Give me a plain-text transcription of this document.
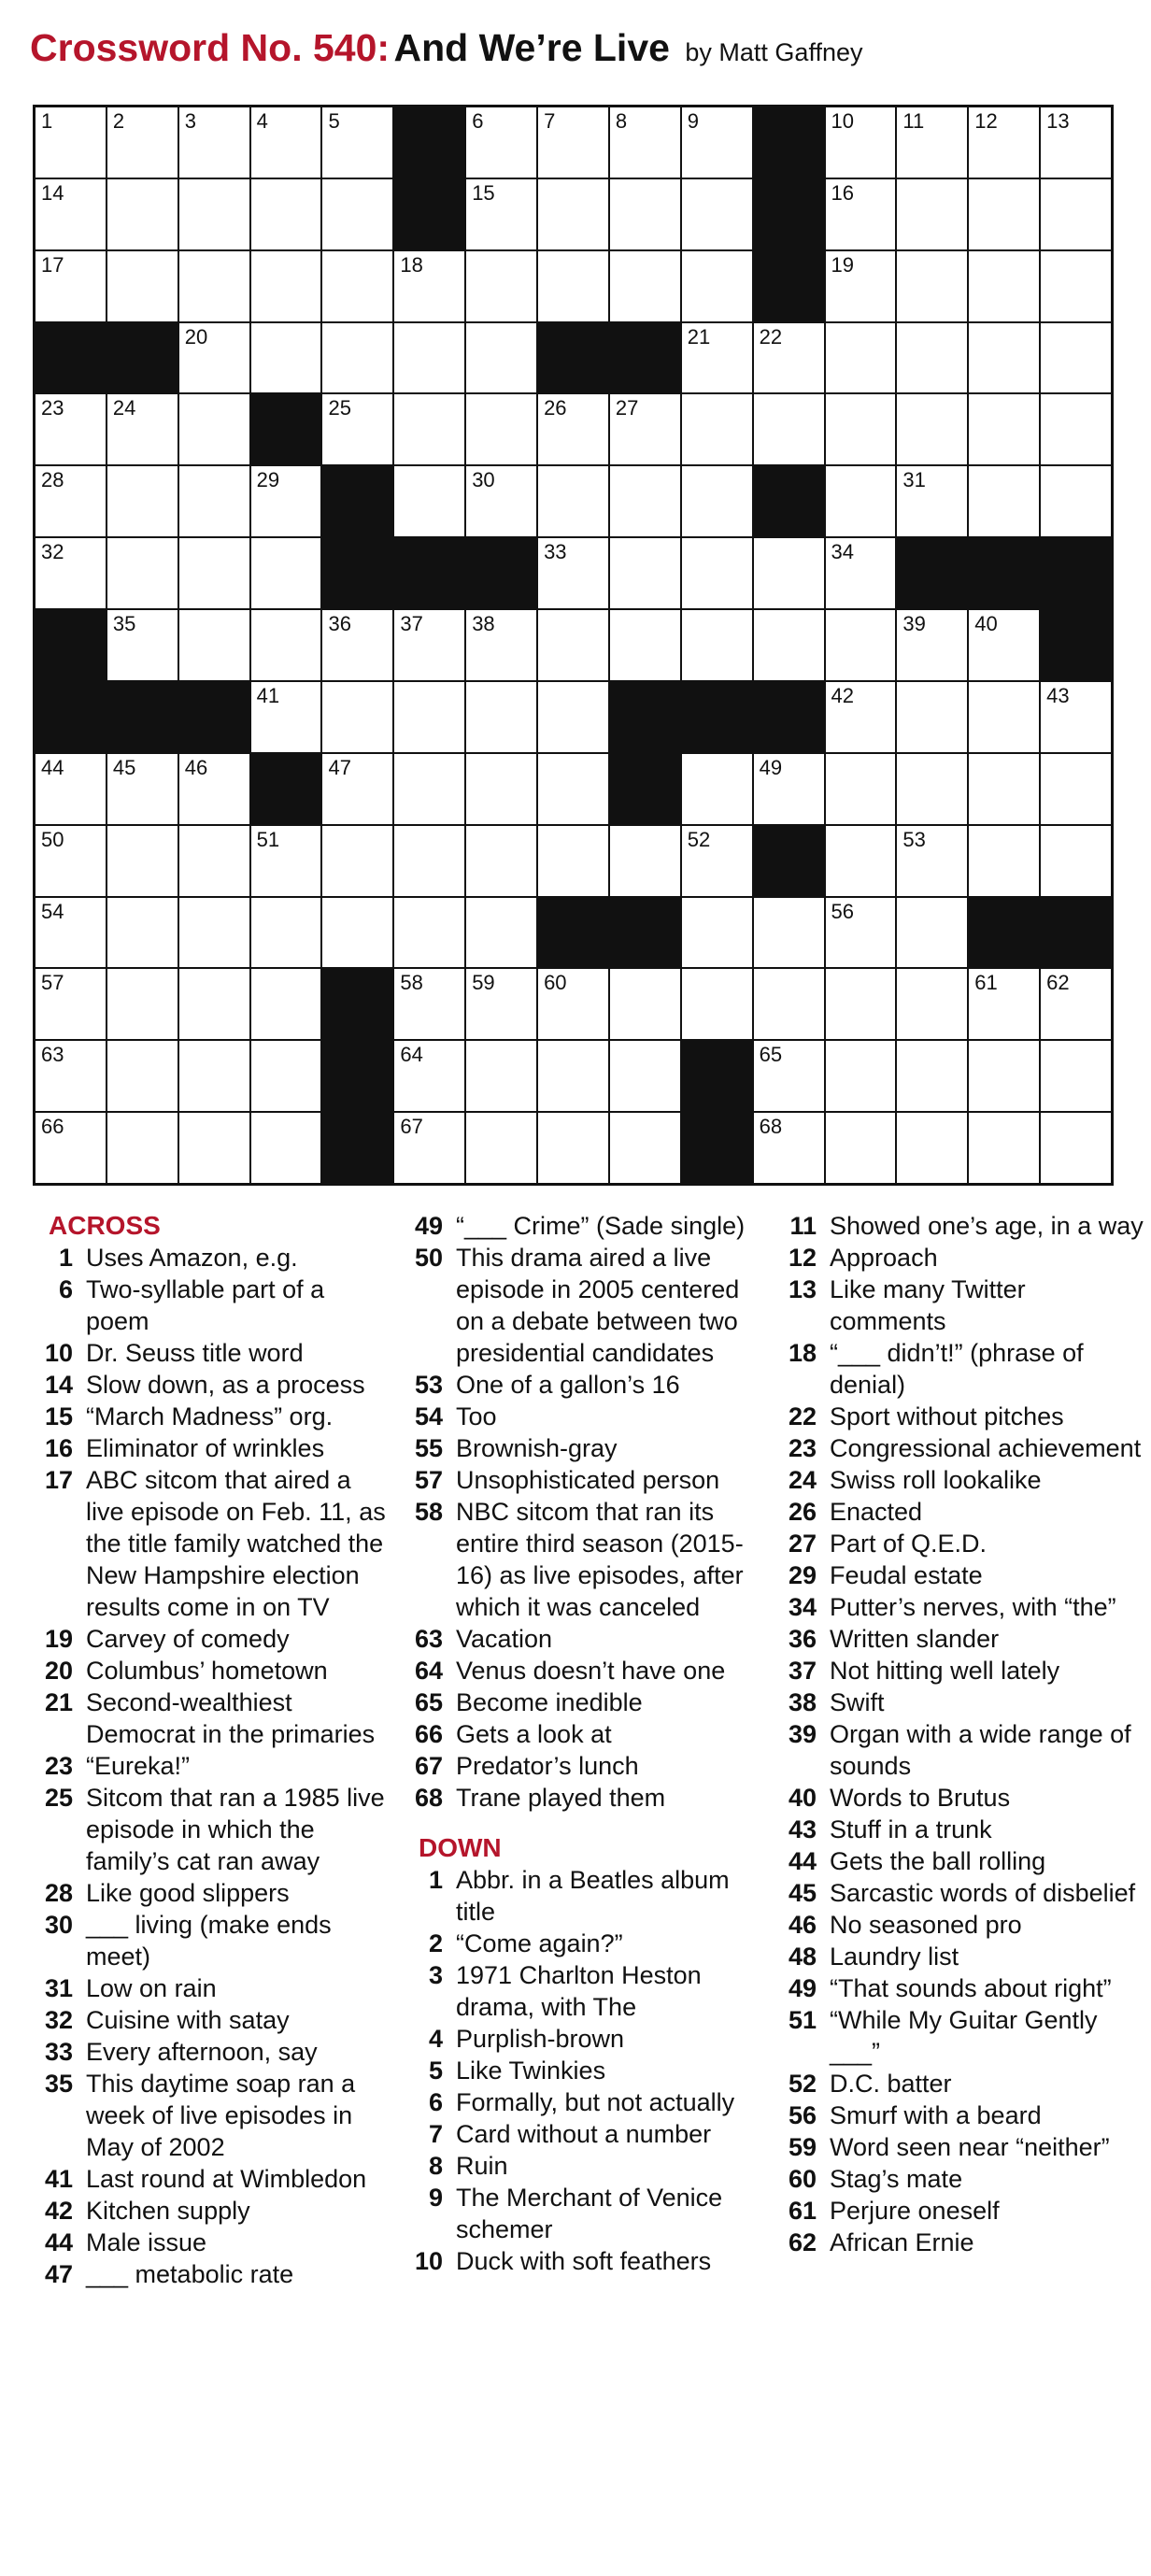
Crossword No. 540: And We’re Live by Matt Gaffney
1	2	3	4	5	6	7	8	9	10 11 12 13
14	15	16
17	18	19
20	21 22
23 24	25	26 27
28	29	30	31
32	33	34
35	36 37 38	39 40
41	42	43
44 45 46	47	49
50	51	52	53
54	56
57	58 59 60	61 62
63	64	65
66	67	68
ACROSS
1 Uses Amazon, e.g.
6 Two-syllable part of a poem
10 Dr. Seuss title word
14 Slow down, as a process
15 “March Madness” org.
16 Eliminator of wrinkles
17 ABC sitcom that aired a live episode on Feb. 11, as the title family watched the New Hampshire election results come in on TV
19 Carvey of comedy
20 Columbus’ hometown
21 Second-wealthiest Democrat in the primaries
23 “Eureka!”
25 Sitcom that ran a 1985 live episode in which the family’s cat ran away
28 Like good slippers
30 ___ living (make ends meet)
31 Low on rain
32 Cuisine with satay
33 Every afternoon, say
35 This daytime soap ran a week of live episodes in May of 2002
41 Last round at Wimbledon
42 Kitchen supply
44 Male issue
47 ___ metabolic rate
49 “___ Crime” (Sade single)
50 This drama aired a live episode in 2005 centered on a debate between two presidential candidates
53 One of a gallon’s 16
54 Too
55 Brownish-gray
57 Unsophisticated person
58 NBC sitcom that ran its entire third season (2015-16) as live episodes, after which it was canceled
63 Vacation
64 Venus doesn’t have one
65 Become inedible
66 Gets a look at
67 Predator’s lunch
68 Trane played them
DOWN
1 Abbr. in a Beatles album title
2 “Come again?”
3 1971 Charlton Heston drama, with The
4 Purplish-brown
5 Like Twinkies
6 Formally, but not actually
7 Card without a number
8 Ruin
9 The Merchant of Venice schemer
10 Duck with soft feathers
11 Showed one’s age, in a way
12 Approach
13 Like many Twitter comments
18 “___ didn’t!” (phrase of denial)
22 Sport without pitches
23 Congressional achievement
24 Swiss roll lookalike
26 Enacted
27 Part of Q.E.D.
29 Feudal estate
34 Putter’s nerves, with “the”
36 Written slander
37 Not hitting well lately
38 Swift
39 Organ with a wide range of sounds
40 Words to Brutus
43 Stuff in a trunk
44 Gets the ball rolling
45 Sarcastic words of disbelief
46 No seasoned pro
48 Laundry list
49 “That sounds about right”
51 “While My Guitar Gently ___”
52 D.C. batter
56 Smurf with a beard
59 Word seen near “neither”
60 Stag’s mate
61 Perjure oneself
62 African Ernie
